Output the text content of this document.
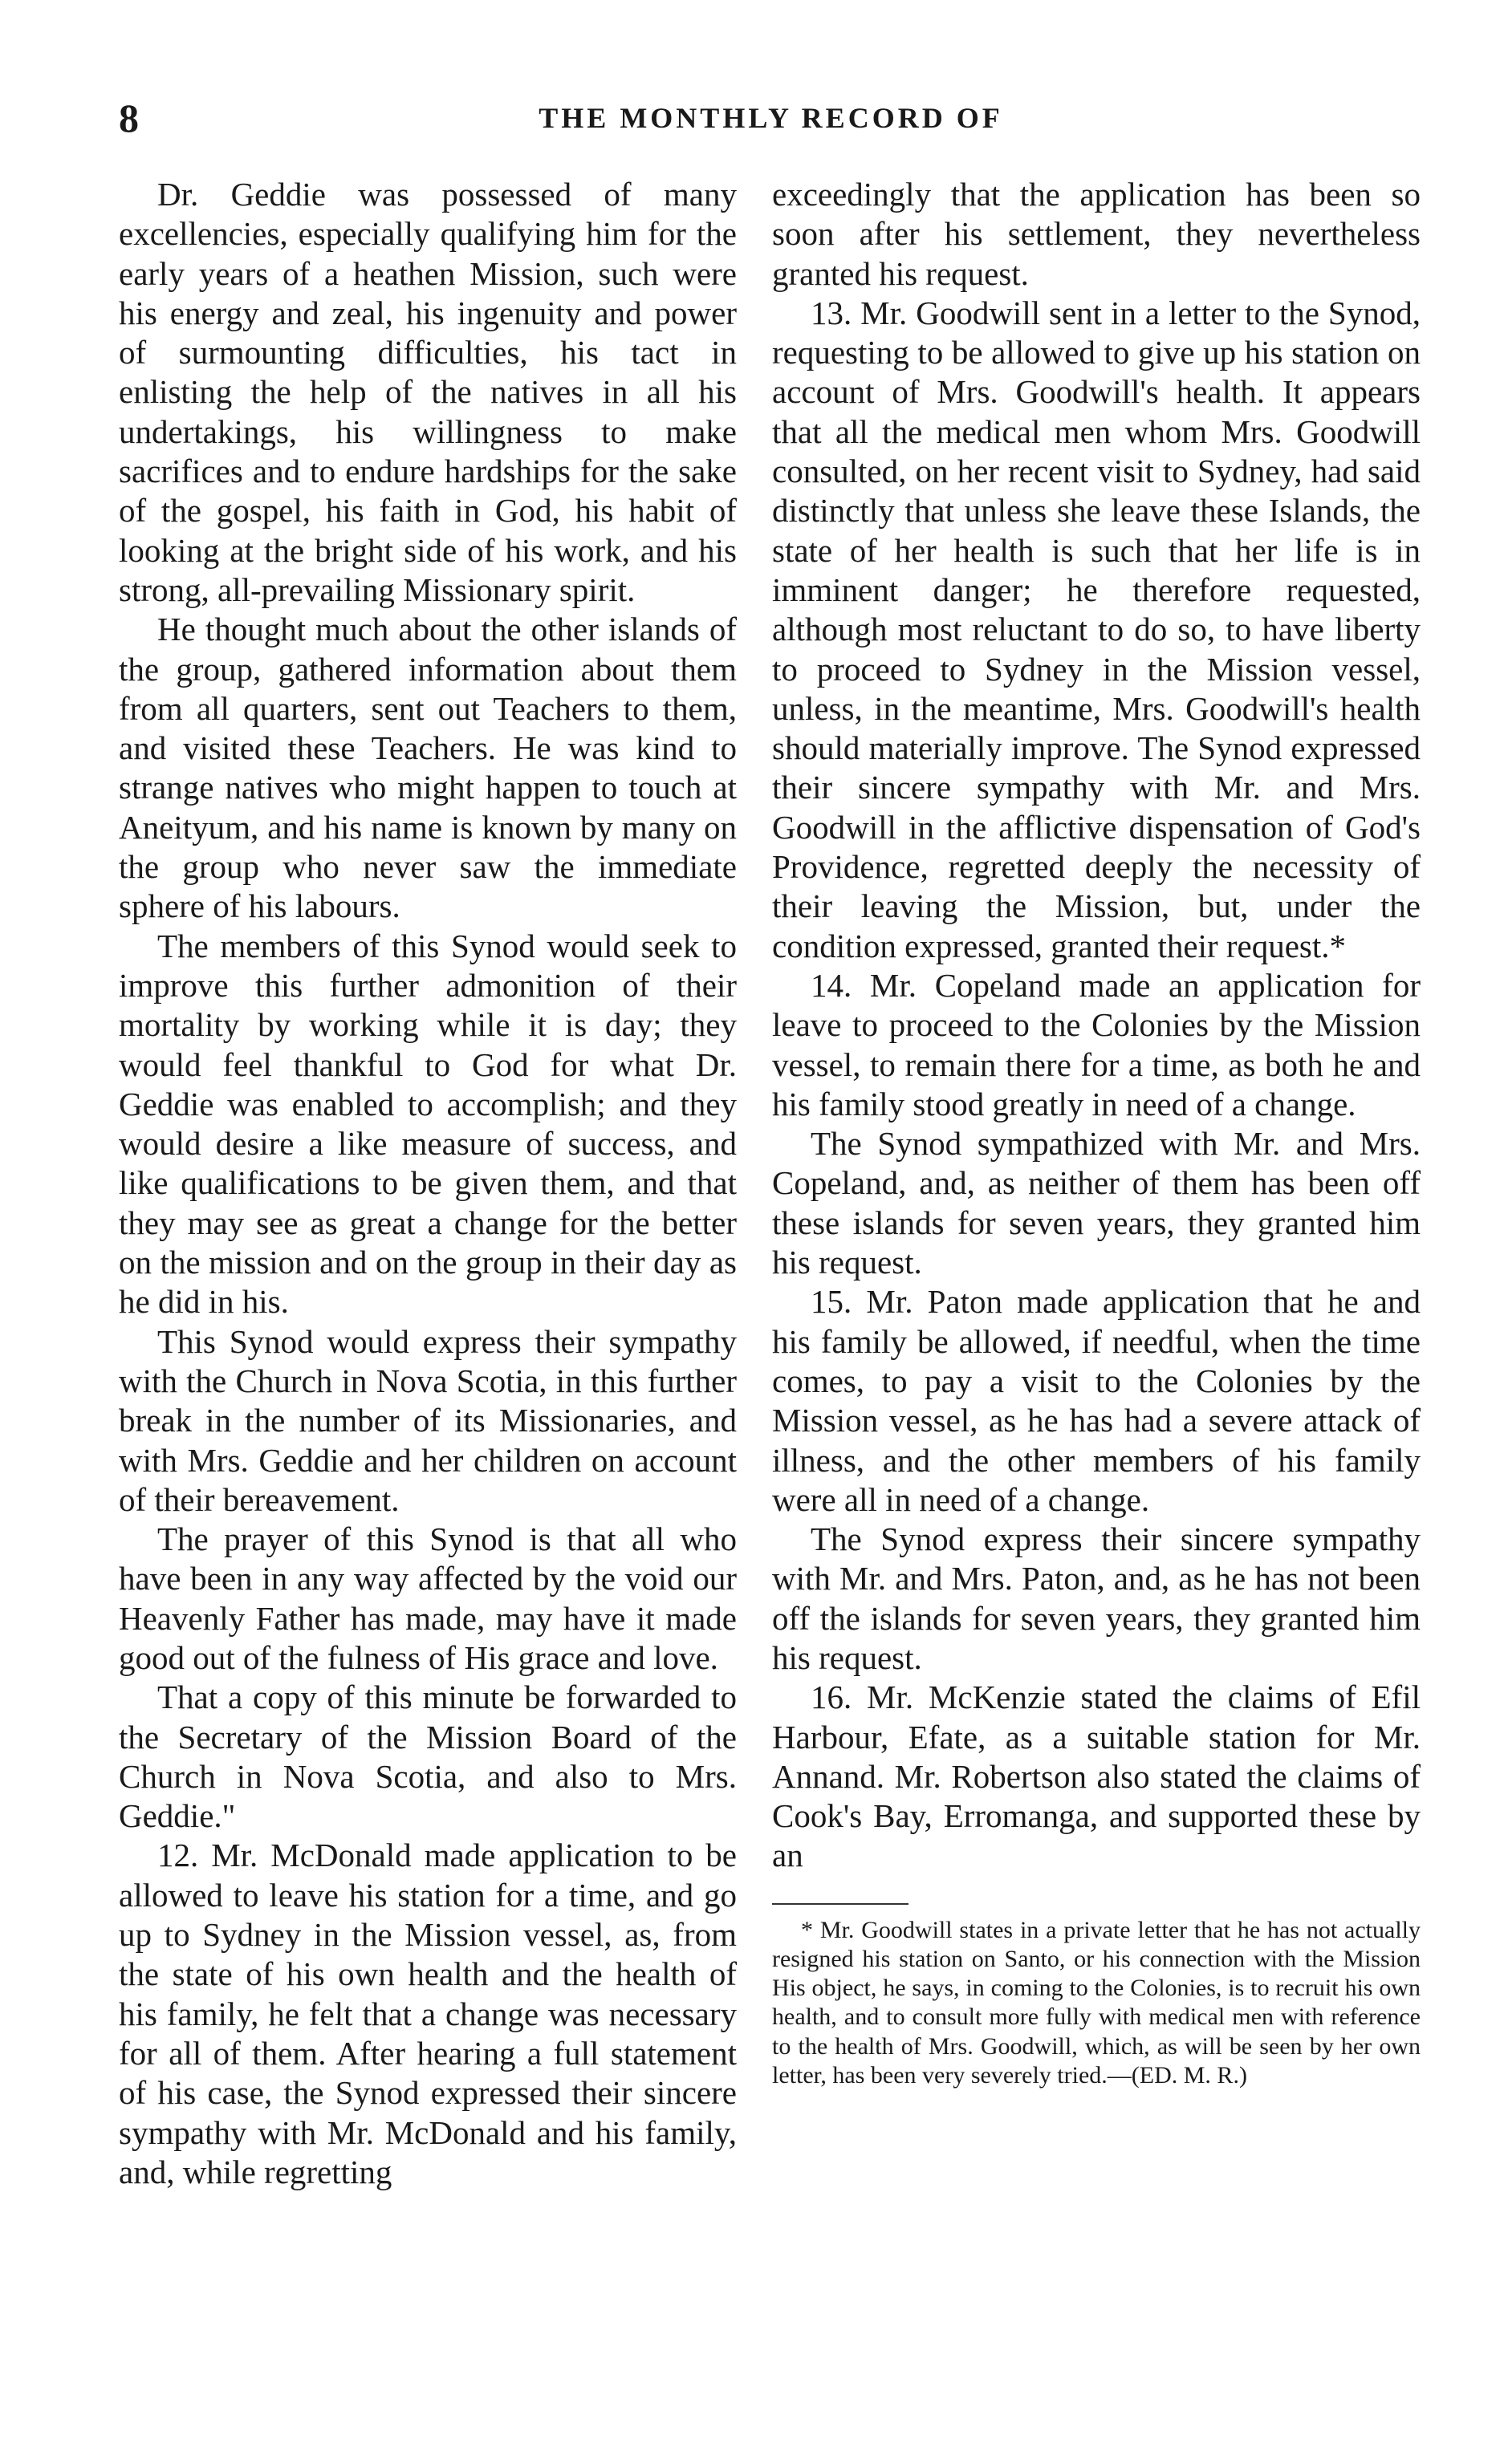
8	THE MONTHLY RECORD OF

Dr. Geddie was possessed of many excellencies, especially qualifying him for the early years of a heathen Mission, such were his energy and zeal, his ingenuity and power of surmounting difficulties, his tact in enlisting the help of the natives in all his undertakings, his willingness to make sacrifices and to endure hardships for the sake of the gospel, his faith in God, his habit of looking at the bright side of his work, and his strong, all-prevailing Missionary spirit.

He thought much about the other islands of the group, gathered information about them from all quarters, sent out Teachers to them, and visited these Teachers. He was kind to strange natives who might happen to touch at Aneityum, and his name is known by many on the group who never saw the immediate sphere of his labours.

The members of this Synod would seek to improve this further admonition of their mortality by working while it is day; they would feel thankful to God for what Dr. Geddie was enabled to accomplish; and they would desire a like measure of success, and like qualifications to be given them, and that they may see as great a change for the better on the mission and on the group in their day as he did in his.

This Synod would express their sympathy with the Church in Nova Scotia, in this further break in the number of its Missionaries, and with Mrs. Geddie and her children on account of their bereavement.

The prayer of this Synod is that all who have been in any way affected by the void our Heavenly Father has made, may have it made good out of the fulness of His grace and love.

That a copy of this minute be forwarded to the Secretary of the Mission Board of the Church in Nova Scotia, and also to Mrs. Geddie."

12. Mr. McDonald made application to be allowed to leave his station for a time, and go up to Sydney in the Mission vessel, as, from the state of his own health and the health of his family, he felt that a change was necessary for all of them. After hearing a full statement of his case, the Synod expressed their sincere sympathy with Mr. McDonald and his family, and, while regretting

exceedingly that the application has been so soon after his settlement, they nevertheless granted his request.

13. Mr. Goodwill sent in a letter to the Synod, requesting to be allowed to give up his station on account of Mrs. Goodwill's health. It appears that all the medical men whom Mrs. Goodwill consulted, on her recent visit to Sydney, had said distinctly that unless she leave these Islands, the state of her health is such that her life is in imminent danger; he therefore requested, although most reluctant to do so, to have liberty to proceed to Sydney in the Mission vessel, unless, in the meantime, Mrs. Goodwill's health should materially improve. The Synod expressed their sincere sympathy with Mr. and Mrs. Goodwill in the afflictive dispensation of God's Providence, regretted deeply the necessity of their leaving the Mission, but, under the condition expressed, granted their request.*

14. Mr. Copeland made an application for leave to proceed to the Colonies by the Mission vessel, to remain there for a time, as both he and his family stood greatly in need of a change.

The Synod sympathized with Mr. and Mrs. Copeland, and, as neither of them has been off these islands for seven years, they granted him his request.

15. Mr. Paton made application that he and his family be allowed, if needful, when the time comes, to pay a visit to the Colonies by the Mission vessel, as he has had a severe attack of illness, and the other members of his family were all in need of a change.

The Synod express their sincere sympathy with Mr. and Mrs. Paton, and, as he has not been off the islands for seven years, they granted him his request.

16. Mr. McKenzie stated the claims of Efil Harbour, Efate, as a suitable station for Mr. Annand. Mr. Robertson also stated the claims of Cook's Bay, Erromanga, and supported these by an

* Mr. Goodwill states in a private letter that he has not actually resigned his station on Santo, or his connection with the Mission His object, he says, in coming to the Colonies, is to recruit his own health, and to consult more fully with medical men with reference to the health of Mrs. Goodwill, which, as will be seen by her own letter, has been very severely tried.—(ED. M. R.)
